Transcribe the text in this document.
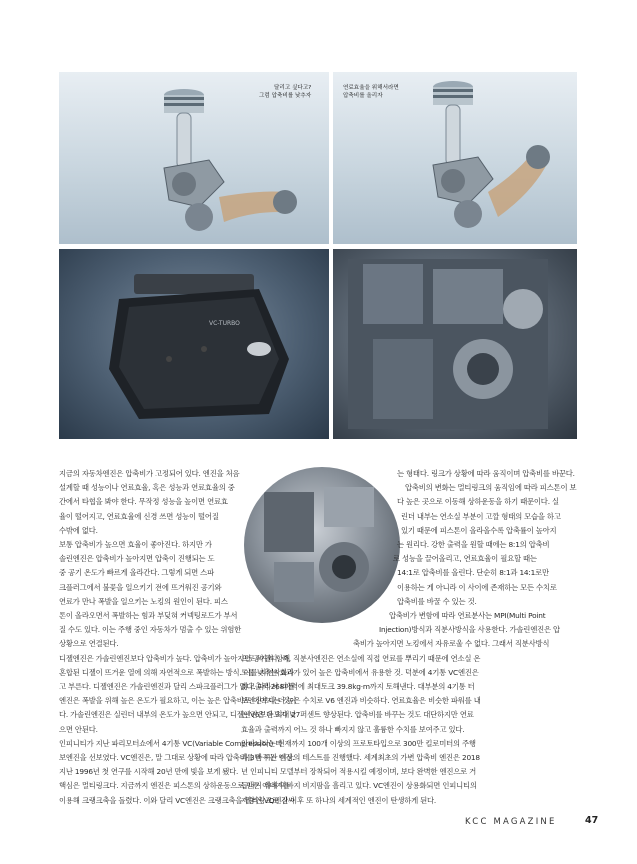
달리고 싶다고?
그럼 압축비를 낮추자
연료효율을 위해서라면
압축비를 올리자
VC-TURBO
지금의 자동차엔진은 압축비가 고정되어 있다. 엔진을 처음
설계할 때 성능이나 연료효율, 혹은 성능과 연료효율의 중
간에서 타협을 봐야 한다. 무작정 성능을 높이면 연료효
율이 떨어지고, 연료효율에 신경 쓰면 성능이 떨어질
수밖에 없다.
보통 압축비가 높으면 효율이 좋아진다. 하지만 가
솔린엔진은 압축비가 높아지면 압축이 진행되는 도
중 공기 온도가 빠르게 올라간다. 그렇게 되면 스파
크플러그에서 불꽃을 일으키기 전에 뜨거워진 공기와
연료가 만나 폭발을 일으키는 노킹의 원인이 된다. 피스
톤이 올라오면서 폭발하는 힘과 부딪혀 커넥팅로드가 부서
질 수도 있다. 이는 주행 중인 자동차가 멈출 수 있는 위험한
상황으로 연결된다.
디젤엔진은 가솔린엔진보다 압축비가 높다. 압축비가 높아지면 공기와 함께
혼합된 디젤이 뜨거운 열에 의해 자연적으로 폭발하는 방식. 이를 자연착화라
고 부른다. 디젤엔진은 가솔린엔진과 달리 스파크플러그가 없다. 따라서 디젤
엔진은 폭발을 위해 높은 온도가 필요하고, 이는 높은 압축비로 이어지는 것이
다. 가솔린엔진은 실린더 내부의 온도가 높으면 안되고, 디젤엔진은 온도가 낮
으면 안된다.
인피니티가 지난 파리모터쇼에서 4기통 VC(Variable Compression) 터
보엔진을 선보였다. VC엔진은, 말 그대로 상황에 따라 압축비를 바꾸는 엔진.
지난 1996년 첫 연구를 시작해 20년 만에 빛을 보게 됐다.
핵심은 멀티링크다. 지금까지 엔진은 피스톤의 상하운동으로 만든 에너지를
이용해 크랭크축을 돌렸다. 이와 달리 VC엔진은 크랭크축을 멀티링크로 감싸
는 형태다. 링크가 상황에 따라 움직이며 압축비를 바꾼다.
압축비의 변화는 멀티링크의 움직임에 따라 피스톤이 보
다 높은 곳으로 이동해 상하운동을 하기 때문이다. 실
린더 내부는 연소실 부분이 고깔 형태의 모습을 하고
있기 때문에 피스톤이 올라올수록 압축률이 높아지
는 원리다. 강한 출력을 원할 때에는 8:1의 압축비
로 성능을 끌어올리고, 연료효율이 필요할 때는
14:1로 압축비를 올린다. 단순히 8:1과 14:1로만
이용하는 게 아니라 이 사이에 존재하는 모든 수치로
압축비를 바꿀 수 있는 것.
압축비가 변함에 따라 연료분사는 MPI(Multi Point
Injection)방식과 직분사방식을 사용한다. 가솔린엔진은 압
축비가 높아지면 노킹에서 자유로울 수 없다. 그래서 직분사방식
으로 바뀐다. 즉, 직분사엔진은 연소실에 직접 연료를 뿌리기 때문에 연소실 온
도를 낮추는 효과가 있어 높은 압축비에서 유용한 것. 덕분에 4기통 VC엔진은
최고출력 268마력에 최대토크 39.8kg·m까지 토해낸다. 대부분의 4기통 터
보엔진보다 더 높은 수치로 V6 엔진과 비슷하다. 연료효율은 비슷한 파워를 내
는 V6보다 최대 27퍼센트 향상된다. 압축비를 바꾸는 것도 대단하지만 연료
효율과 출력까지 어느 것 하나 빠지지 않고 훌륭한 수치를 보여주고 있다.
인피니티는 현재까지 100개 이상의 프로토타입으로 300만 킬로미터의 주행
과 3만 시간 이상의 테스트를 진행했다. 세계최초의 가변 압축비 엔진은 2018
년 인피니티 모델부터 장착되어 적용시킬 예정이며, 보다 완벽한 엔진으로 거
듭나기 위해 막바지 비지땀을 흘리고 있다. VC엔진이 상용화되면 인피니티의
자랑인 VQ엔진 이후 또 하나의 세계적인 엔진이 탄생하게 된다.
KCC MAGAZINE	47
